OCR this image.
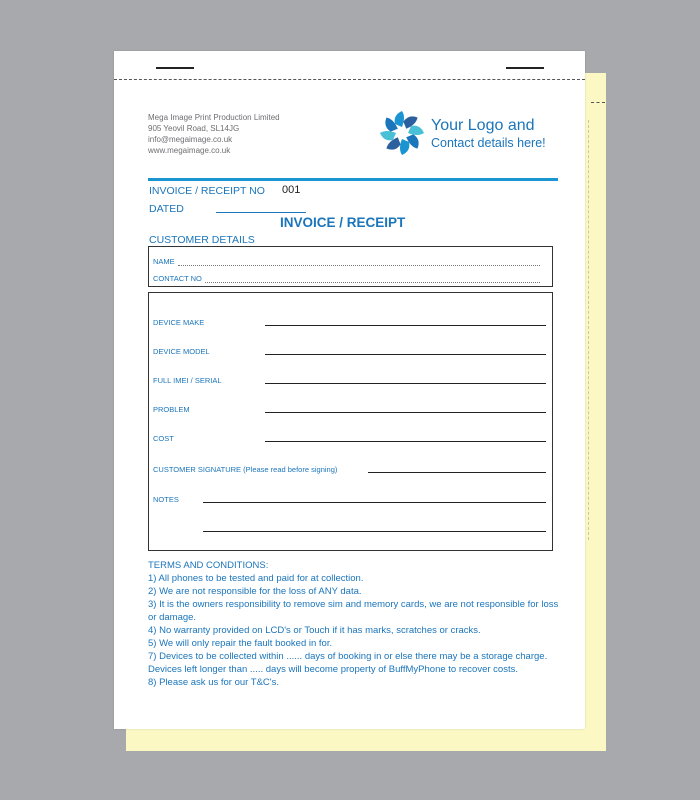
Mega Image Print Production Limited
905 Yeovil Road, SL14JG
info@megaimage.co.uk
www.megaimage.co.uk
Your Logo and
Contact details here!
INVOICE / RECEIPT NO 001
DATED
INVOICE / RECEIPT
CUSTOMER DETAILS
NAME
CONTACT NO
DEVICE MAKE
DEVICE MODEL
FULL IMEI / SERIAL
PROBLEM
COST
CUSTOMER SIGNATURE (Please read before signing)
NOTES
TERMS AND CONDITIONS:
1) All phones to be tested and paid for at collection.
2) We are not responsible for the loss of ANY data.
3) It is the owners responsibility to remove sim and memory cards, we are not responsible for loss or damage.
4) No warranty provided on LCD's or Touch if it has marks, scratches or cracks.
5) We will only repair the fault booked in for.
7) Devices to be collected within ...... days of booking in or else there may be a storage charge. Devices left longer than ..... days will become property of BuffMyPhone to recover costs.
8) Please ask us for our T&C's.
